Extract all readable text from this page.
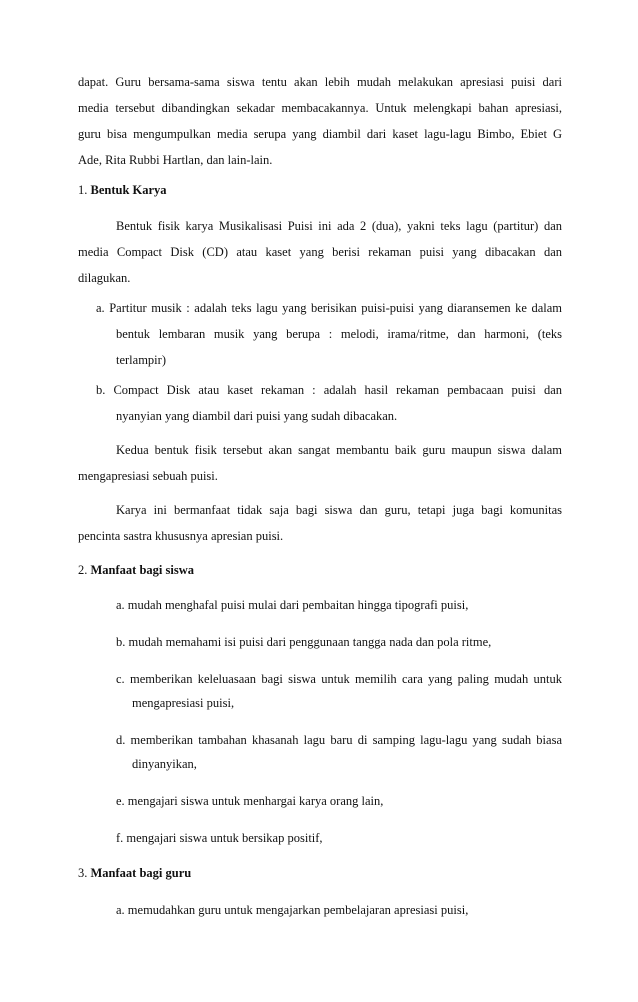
dapat. Guru bersama-sama siswa tentu akan lebih mudah melakukan apresiasi puisi dari
media tersebut dibandingkan sekadar membacakannya. Untuk melengkapi bahan apresiasi,
guru bisa mengumpulkan media serupa yang diambil dari kaset lagu-lagu Bimbo, Ebiet G
Ade, Rita Rubbi Hartlan, dan lain-lain.
1. Bentuk Karya
Bentuk fisik karya Musikalisasi Puisi ini ada 2 (dua), yakni teks lagu (partitur) dan
media Compact Disk (CD) atau kaset yang berisi rekaman puisi yang dibacakan dan
dilagukan.
a. Partitur musik : adalah teks lagu yang berisikan puisi-puisi yang diaransemen ke dalam
bentuk lembaran musik yang berupa : melodi, irama/ritme, dan harmoni, (teks
terlampir)
b. Compact Disk atau kaset rekaman : adalah hasil rekaman pembacaan puisi dan
nyanyian yang diambil dari puisi yang sudah dibacakan.
Kedua bentuk fisik tersebut akan sangat membantu baik guru maupun siswa dalam
mengapresiasi sebuah puisi.
Karya ini bermanfaat tidak saja bagi siswa dan guru, tetapi juga bagi komunitas
pencinta sastra khususnya apresian puisi.
2. Manfaat bagi siswa
a. mudah menghafal puisi mulai dari pembaitan hingga tipografi puisi,
b. mudah memahami isi puisi dari penggunaan tangga nada dan pola ritme,
c. memberikan keleluasaan bagi siswa untuk memilih cara yang paling mudah untuk
mengapresiasi puisi,
d. memberikan tambahan khasanah lagu baru di samping lagu-lagu yang sudah biasa
dinyanyikan,
e. mengajari siswa untuk menhargai karya orang lain,
f. mengajari siswa untuk bersikap positif,
3. Manfaat bagi guru
a. memudahkan guru untuk mengajarkan pembelajaran apresiasi puisi,
